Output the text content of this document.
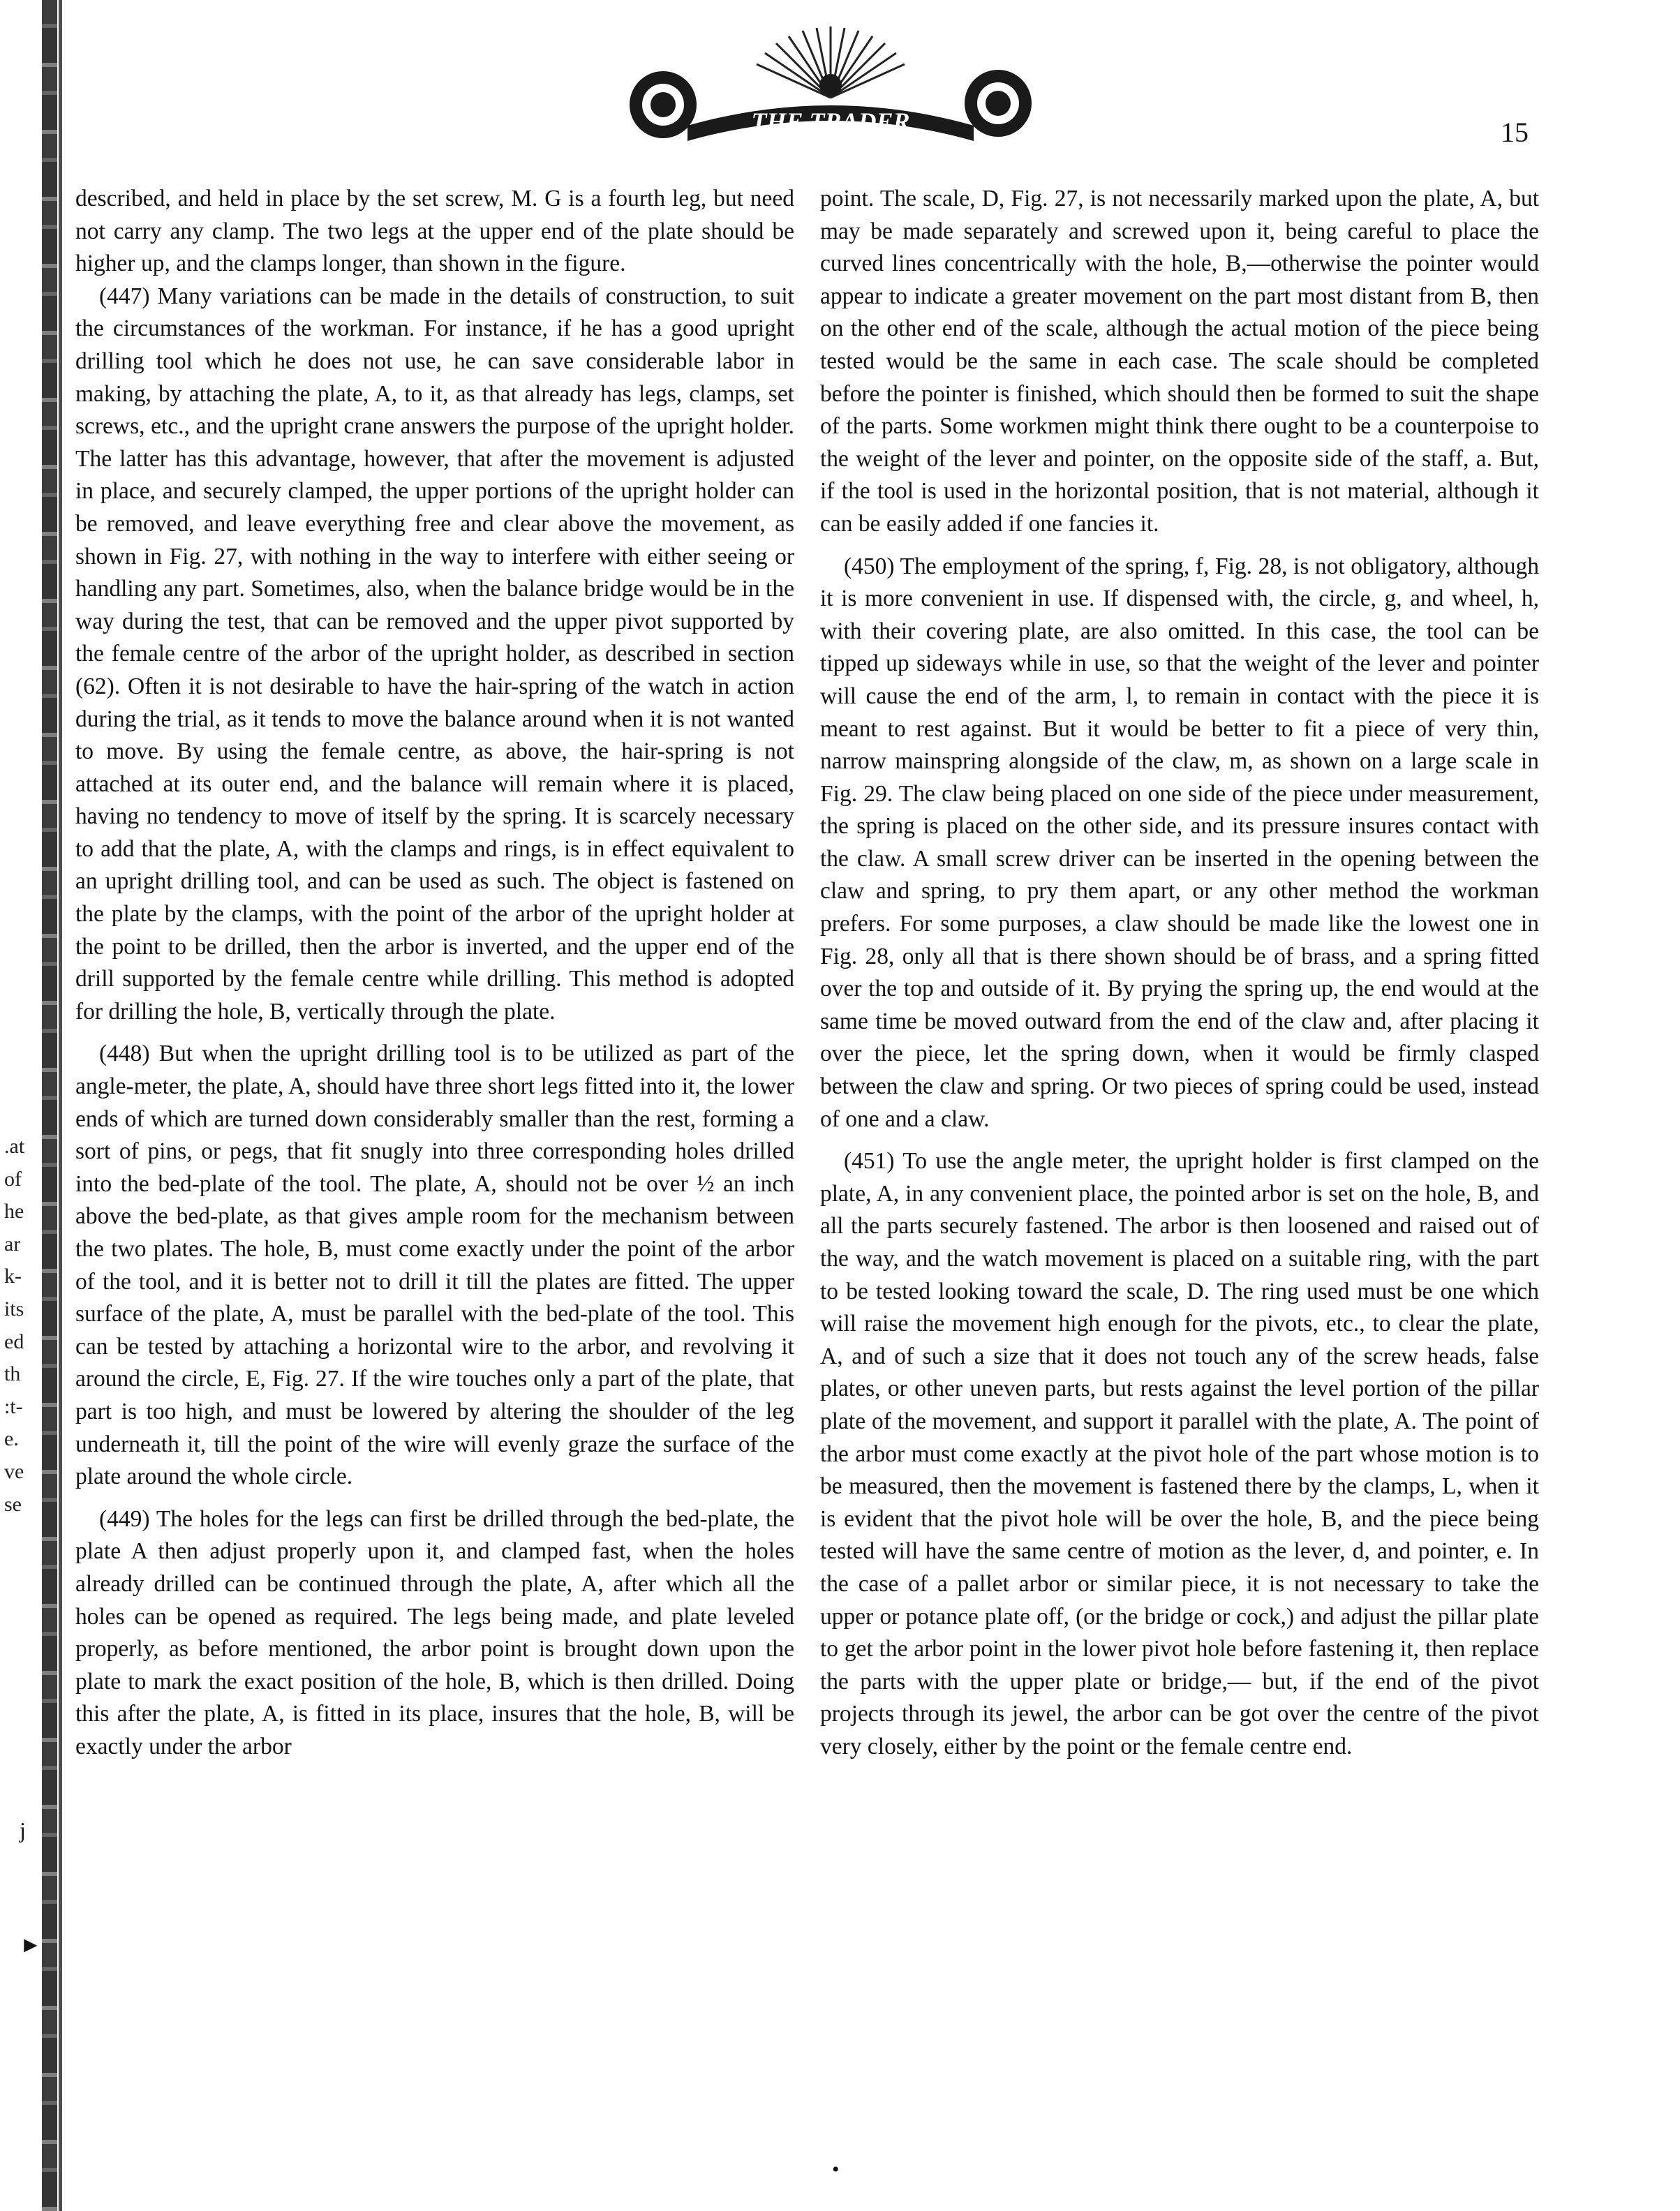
.at
of
he
ar
k-
its
ed
th
:t-
e.
ve
se
j
►
THE TRADER	15

described, and held in place by the set screw, M. G is a fourth leg, but need not carry any clamp. The two legs at the upper end of the plate should be higher up, and the clamps longer, than shown in the figure.

(447) Many variations can be made in the details of construction, to suit the circumstances of the workman. For instance, if he has a good upright drilling tool which he does not use, he can save considerable labor in making, by attaching the plate, A, to it, as that already has legs, clamps, set screws, etc., and the upright crane answers the purpose of the upright holder. The latter has this advantage, however, that after the movement is adjusted in place, and securely clamped, the upper portions of the upright holder can be removed, and leave everything free and clear above the movement, as shown in Fig. 27, with nothing in the way to interfere with either seeing or handling any part. Sometimes, also, when the balance bridge would be in the way during the test, that can be removed and the upper pivot supported by the female centre of the arbor of the upright holder, as described in section (62). Often it is not desirable to have the hair-spring of the watch in action during the trial, as it tends to move the balance around when it is not wanted to move. By using the female centre, as above, the hair-spring is not attached at its outer end, and the balance will remain where it is placed, having no tendency to move of itself by the spring. It is scarcely necessary to add that the plate, A, with the clamps and rings, is in effect equivalent to an upright drilling tool, and can be used as such. The object is fastened on the plate by the clamps, with the point of the arbor of the upright holder at the point to be drilled, then the arbor is inverted, and the upper end of the drill supported by the female centre while drilling. This method is adopted for drilling the hole, B, vertically through the plate.

(448) But when the upright drilling tool is to be utilized as part of the angle-meter, the plate, A, should have three short legs fitted into it, the lower ends of which are turned down considerably smaller than the rest, forming a sort of pins, or pegs, that fit snugly into three corresponding holes drilled into the bed-plate of the tool. The plate, A, should not be over ½ an inch above the bed-plate, as that gives ample room for the mechanism between the two plates. The hole, B, must come exactly under the point of the arbor of the tool, and it is better not to drill it till the plates are fitted. The upper surface of the plate, A, must be parallel with the bed-plate of the tool. This can be tested by attaching a horizontal wire to the arbor, and revolving it around the circle, E, Fig. 27. If the wire touches only a part of the plate, that part is too high, and must be lowered by altering the shoulder of the leg underneath it, till the point of the wire will evenly graze the surface of the plate around the whole circle.

(449) The holes for the legs can first be drilled through the bed-plate, the plate A then adjust properly upon it, and clamped fast, when the holes already drilled can be continued through the plate, A, after which all the holes can be opened as required. The legs being made, and plate leveled properly, as before mentioned, the arbor point is brought down upon the plate to mark the exact position of the hole, B, which is then drilled. Doing this after the plate, A, is fitted in its place, insures that the hole, B, will be exactly under the arbor

point. The scale, D, Fig. 27, is not necessarily marked upon the plate, A, but may be made separately and screwed upon it, being careful to place the curved lines concentrically with the hole, B,—otherwise the pointer would appear to indicate a greater movement on the part most distant from B, then on the other end of the scale, although the actual motion of the piece being tested would be the same in each case. The scale should be completed before the pointer is finished, which should then be formed to suit the shape of the parts. Some workmen might think there ought to be a counterpoise to the weight of the lever and pointer, on the opposite side of the staff, a. But, if the tool is used in the horizontal position, that is not material, although it can be easily added if one fancies it.

(450) The employment of the spring, f, Fig. 28, is not obligatory, although it is more convenient in use. If dispensed with, the circle, g, and wheel, h, with their covering plate, are also omitted. In this case, the tool can be tipped up sideways while in use, so that the weight of the lever and pointer will cause the end of the arm, l, to remain in contact with the piece it is meant to rest against. But it would be better to fit a piece of very thin, narrow mainspring alongside of the claw, m, as shown on a large scale in Fig. 29. The claw being placed on one side of the piece under measurement, the spring is placed on the other side, and its pressure insures contact with the claw. A small screw driver can be inserted in the opening between the claw and spring, to pry them apart, or any other method the workman prefers. For some purposes, a claw should be made like the lowest one in Fig. 28, only all that is there shown should be of brass, and a spring fitted over the top and outside of it. By prying the spring up, the end would at the same time be moved outward from the end of the claw and, after placing it over the piece, let the spring down, when it would be firmly clasped between the claw and spring. Or two pieces of spring could be used, instead of one and a claw.

(451) To use the angle meter, the upright holder is first clamped on the plate, A, in any convenient place, the pointed arbor is set on the hole, B, and all the parts securely fastened. The arbor is then loosened and raised out of the way, and the watch movement is placed on a suitable ring, with the part to be tested looking toward the scale, D. The ring used must be one which will raise the movement high enough for the pivots, etc., to clear the plate, A, and of such a size that it does not touch any of the screw heads, false plates, or other uneven parts, but rests against the level portion of the pillar plate of the movement, and support it parallel with the plate, A. The point of the arbor must come exactly at the pivot hole of the part whose motion is to be measured, then the movement is fastened there by the clamps, L, when it is evident that the pivot hole will be over the hole, B, and the piece being tested will have the same centre of motion as the lever, d, and pointer, e. In the case of a pallet arbor or similar piece, it is not necessary to take the upper or potance plate off, (or the bridge or cock,) and adjust the pillar plate to get the arbor point in the lower pivot hole before fastening it, then replace the parts with the upper plate or bridge,— but, if the end of the pivot projects through its jewel, the arbor can be got over the centre of the pivot very closely, either by the point or the female centre end.

•
